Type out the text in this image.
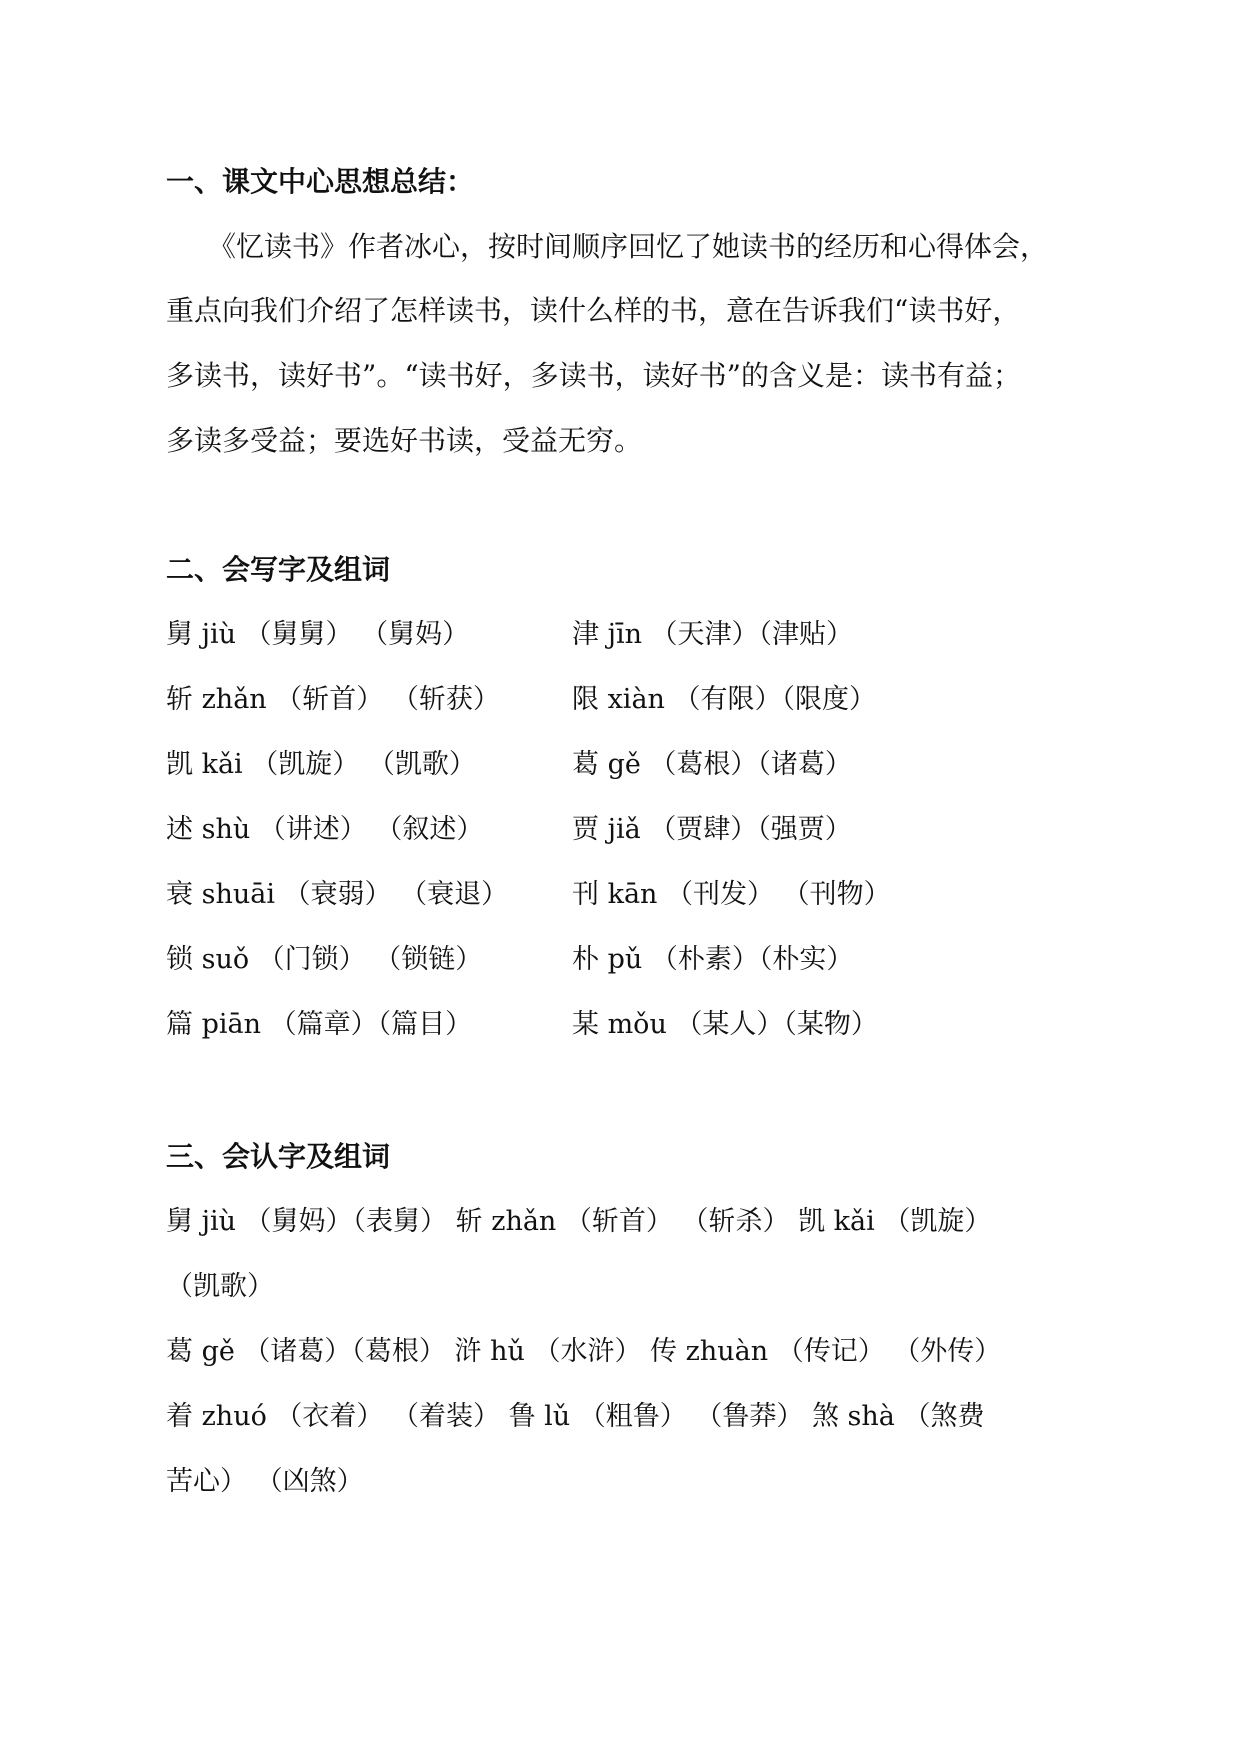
一、课文中心思想总结：
　　《忆读书》作者冰心，按时间顺序回忆了她读书的经历和心得体会，
重点向我们介绍了怎样读书，读什么样的书，意在告诉我们“读书好，
多读书，读好书”。“读书好，多读书，读好书”的含义是：读书有益；
多读多受益；要选好书读，受益无穷。
二、会写字及组词
舅 jiù （舅舅） （舅妈）	津 jīn （天津）（津贴）
斩 zhǎn （斩首） （斩获）	限 xiàn （有限）（限度）
凯 kǎi （凯旋） （凯歌）	葛 gě （葛根）（诸葛）
述 shù （讲述） （叙述）	贾 jiǎ （贾肆）（强贾）
衰 shuāi （衰弱） （衰退） 刊 kān （刊发） （刊物）
锁 suǒ （门锁） （锁链）	朴 pǔ （朴素）（朴实）
篇 piān （篇章）（篇目）	某 mǒu （某人）（某物）
三、会认字及组词
舅 jiù （舅妈）（表舅） 斩 zhǎn （斩首） （斩杀） 凯 kǎi （凯旋）
（凯歌）
葛 gě （诸葛）（葛根） 浒 hǔ （水浒） 传 zhuàn （传记） （外传）
着 zhuó （衣着） （着装） 鲁 lǔ （粗鲁） （鲁莽） 煞 shà （煞费
苦心） （凶煞）
